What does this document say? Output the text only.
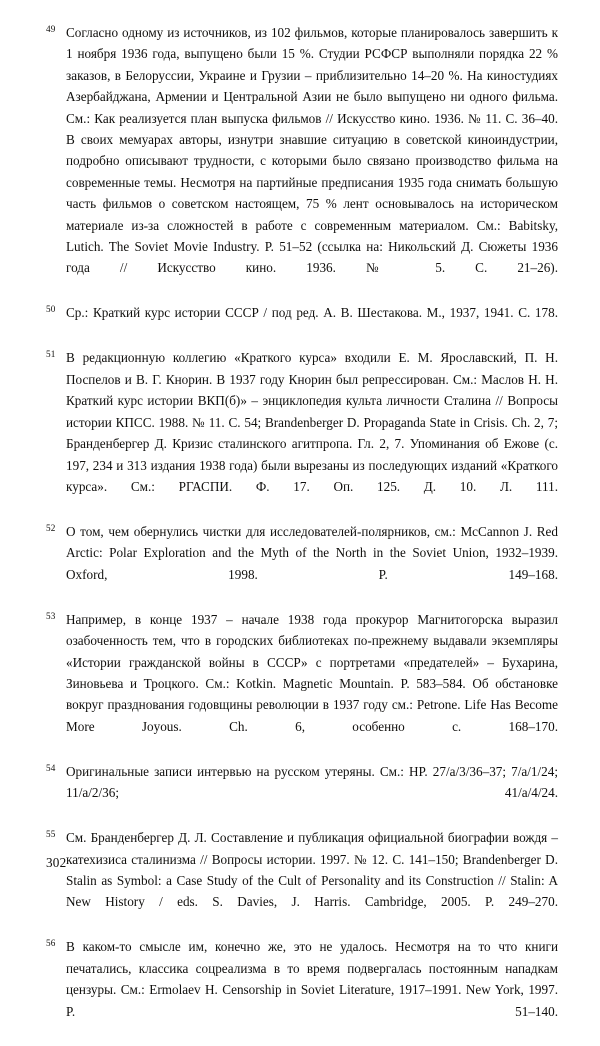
49 Согласно одному из источников, из 102 фильмов, которые планировалось завершить к 1 ноября 1936 года, выпущено были 15 %. Студии РСФСР выполняли порядка 22 % заказов, в Белоруссии, Украине и Грузии – приблизительно 14–20 %. На киностудиях Азербайджана, Армении и Центральной Азии не было выпущено ни одного фильма. См.: Как реализуется план выпуска фильмов // Искусство кино. 1936. № 11. С. 36–40. В своих мемуарах авторы, изнутри знавшие ситуацию в советской киноиндустрии, подробно описывают трудности, с которыми было связано производство фильма на современные темы. Несмотря на партийные предписания 1935 года снимать большую часть фильмов о советском настоящем, 75 % лент основывалось на историческом материале из-за сложностей в работе с современным материалом. См.: Babitsky, Lutich. The Soviet Movie Industry. P. 51–52 (ссылка на: Никольский Д. Сюжеты 1936 года // Искусство кино. 1936. № 5. С. 21–26).
50 Ср.: Краткий курс истории СССР / под ред. А. В. Шестакова. М., 1937, 1941. С. 178.
51 В редакционную коллегию «Краткого курса» входили Е. М. Ярославский, П. Н. Поспелов и В. Г. Кнорин. В 1937 году Кнорин был репрессирован. См.: Маслов Н. Н. Краткий курс истории ВКП(б)» – энциклопедия культа личности Сталина // Вопросы истории КПСС. 1988. № 11. С. 54; Brandenberger D. Propaganda State in Crisis. Ch. 2, 7; Бранденбергер Д. Кризис сталинского агитпропа. Гл. 2, 7. Упоминания об Ежове (с. 197, 234 и 313 издания 1938 года) были вырезаны из последующих изданий «Краткого курса». См.: РГАСПИ. Ф. 17. Оп. 125. Д. 10. Л. 111.
52 О том, чем обернулись чистки для исследователей-полярников, см.: McCannon J. Red Arctic: Polar Exploration and the Myth of the North in the Soviet Union, 1932–1939. Oxford, 1998. P. 149–168.
53 Например, в конце 1937 – начале 1938 года прокурор Магнитогорска выразил озабоченность тем, что в городских библиотеках по-прежнему выдавали экземпляры «Истории гражданской войны в СССР» с портретами «предателей» – Бухарина, Зиновьева и Троцкого. См.: Kotkin. Magnetic Mountain. P. 583–584. Об обстановке вокруг празднования годовщины революции в 1937 году см.: Petrone. Life Has Become More Joyous. Ch. 6, особенно с. 168–170.
54 Оригинальные записи интервью на русском утеряны. См.: HP. 27/a/3/36–37; 7/a/1/24; 11/a/2/36; 41/a/4/24.
55 См. Бранденбергер Д. Л. Составление и публикация официальной биографии вождя – катехизиса сталинизма // Вопросы истории. 1997. № 12. С. 141–150; Brandenberger D. Stalin as Symbol: a Case Study of the Cult of Personality and its Construction // Stalin: A New History / eds. S. Davies, J. Harris. Cambridge, 2005. P. 249–270.
56 В каком-то смысле им, конечно же, это не удалось. Несмотря на то что книги печатались, классика соцреализма в то время подвергалась постоянным нападкам цензуры. См.: Ermolaev H. Censorship in Soviet Literature, 1917–1991. New York, 1997. P. 51–140.
302
